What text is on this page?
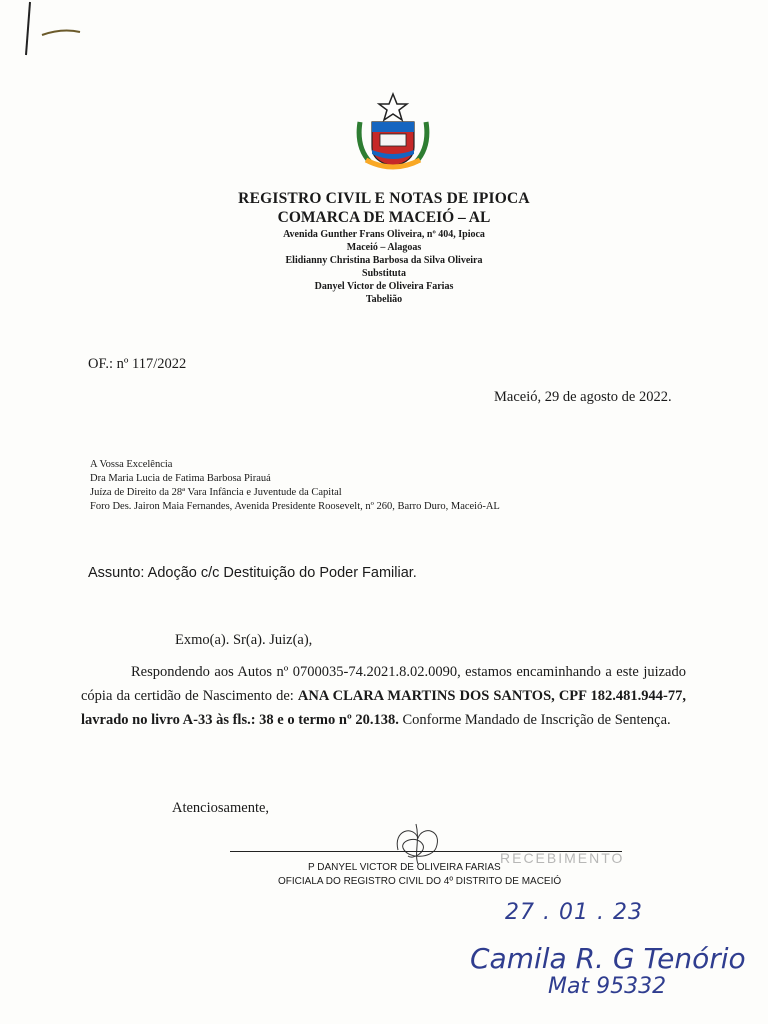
REGISTRO CIVIL E NOTAS DE IPIOCA
COMARCA DE MACEIÓ – AL
Avenida Gunther Frans Oliveira, nº 404, Ipioca
Maceió – Alagoas
Elidianny Christina Barbosa da Silva Oliveira
Substituta
Danyel Victor de Oliveira Farias
Tabelião
OF.: nº 117/2022
Maceió, 29 de agosto de 2022.
A Vossa Excelência
Dra Maria Lucia de Fatima Barbosa Pirauá
Juíza de Direito da 28ª Vara Infância e Juventude da Capital
Foro Des. Jairon Maia Fernandes, Avenida Presidente Roosevelt, nº 260, Barro Duro, Maceió-AL
Assunto: Adoção c/c Destituição do Poder Familiar.
Exmo(a). Sr(a). Juiz(a),
Respondendo aos Autos nº 0700035-74.2021.8.02.0090, estamos encaminhando a este juizado cópia da certidão de Nascimento de: ANA CLARA MARTINS DOS SANTOS, CPF 182.481.944-77, lavrado no livro A-33 às fls.: 38 e o termo nº 20.138. Conforme Mandado de Inscrição de Sentença.
Atenciosamente,
RECEBIMENTO
P DANYEL VICTOR DE OLIVEIRA FARIAS
OFICIALA DO REGISTRO CIVIL DO 4º DISTRITO DE MACEIÓ
27 . 01 . 23
Camila R. G Tenório
Mat 95332
